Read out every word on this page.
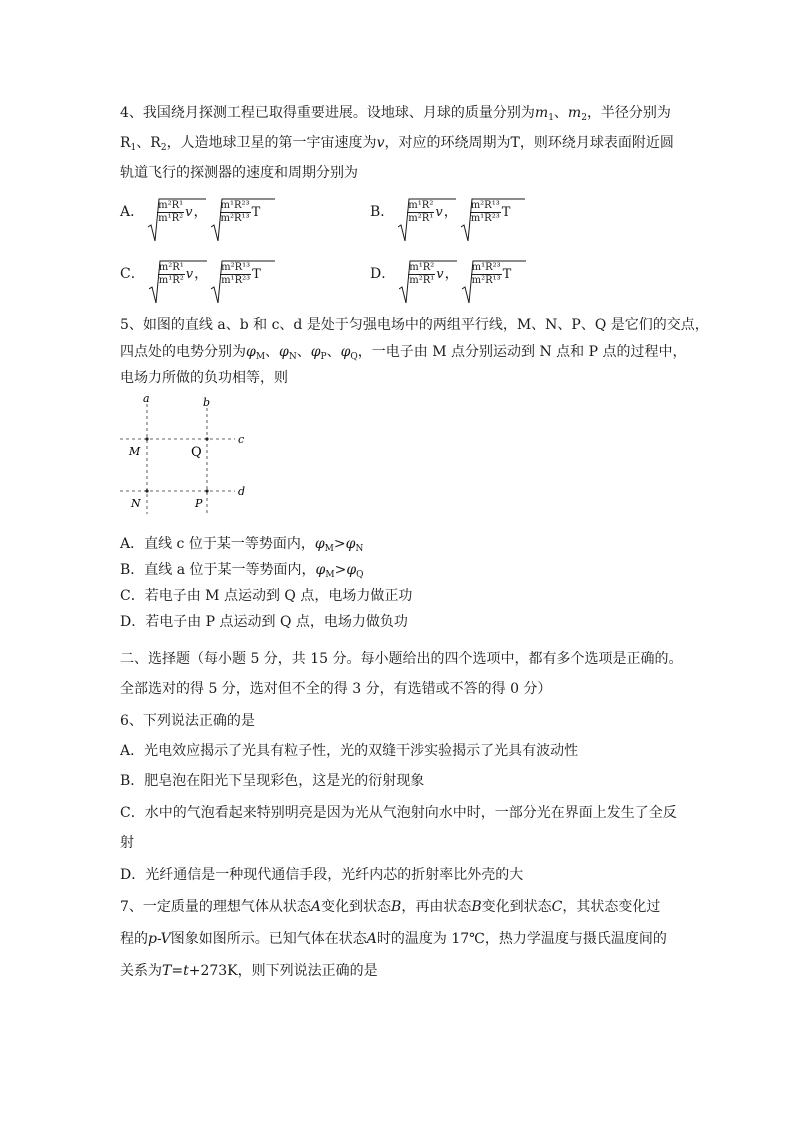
4、我国绕月探测工程已取得重要进展。设地球、月球的质量分别为$m_1$、$m_2$，半径分别为
$R_1$、$R_2$，人造地球卫星的第一宇宙速度为v，对应的环绕周期为T，则环绕月球表面附近圆
轨道飞行的探测器的速度和周期分别为
A． $\frac{\text{m²R¹}}{\text{m¹R²}}$ v ， $\frac{\text{m¹R²³}}{\text{m²R¹³}}$ T	B． $\frac{\text{m¹R²}}{\text{m²R¹}}$ v ， $\frac{\text{m²R¹³}}{\text{m¹R²³}}$ T
C． $\frac{\text{m²R¹}}{\text{m¹R²}}$ v ， $\frac{\text{m²R¹³}}{\text{m¹R²³}}$ T	D． $\frac{\text{m¹R²}}{\text{m²R¹}}$ v ， $\frac{\text{m¹R²³}}{\text{m²R¹³}}$ T
5、如图的直线 a、b 和 c、d 是处于匀强电场中的两组平行线，M、N、P、Q 是它们的交点，
四点处的电势分别为$\varphi_M$、$\varphi_N$、$\varphi_P$、$\varphi_Q$，一电子由 M 点分别运动到 N 点和 P 点的过程中，
电场力所做的负功相等，则
a	b
c
d
M	Q
N	P
A．直线 c 位于某一等势面内，$\varphi_M>\varphi_N$
B．直线 a 位于某一等势面内，$\varphi_M>\varphi_Q$
C．若电子由 M 点运动到 Q 点，电场力做正功
D．若电子由 P 点运动到 Q 点，电场力做负功
二、选择题（每小题 5 分，共 15 分。每小题给出的四个选项中，都有多个选项是正确的。
全部选对的得 5 分，选对但不全的得 3 分，有选错或不答的得 0 分）
6、下列说法正确的是
A．光电效应揭示了光具有粒子性，光的双缝干涉实验揭示了光具有波动性
B．肥皂泡在阳光下呈现彩色，这是光的衍射现象
C．水中的气泡看起来特别明亮是因为光从气泡射向水中时，一部分光在界面上发生了全反
射
D．光纤通信是一种现代通信手段，光纤内芯的折射率比外壳的大
7、一定质量的理想气体从状态A变化到状态B，再由状态B变化到状态C，其状态变化过
程的p-V图象如图所示。已知气体在状态A时的温度为 17℃，热力学温度与摄氏温度间的
关系为T=t+273K，则下列说法正确的是
